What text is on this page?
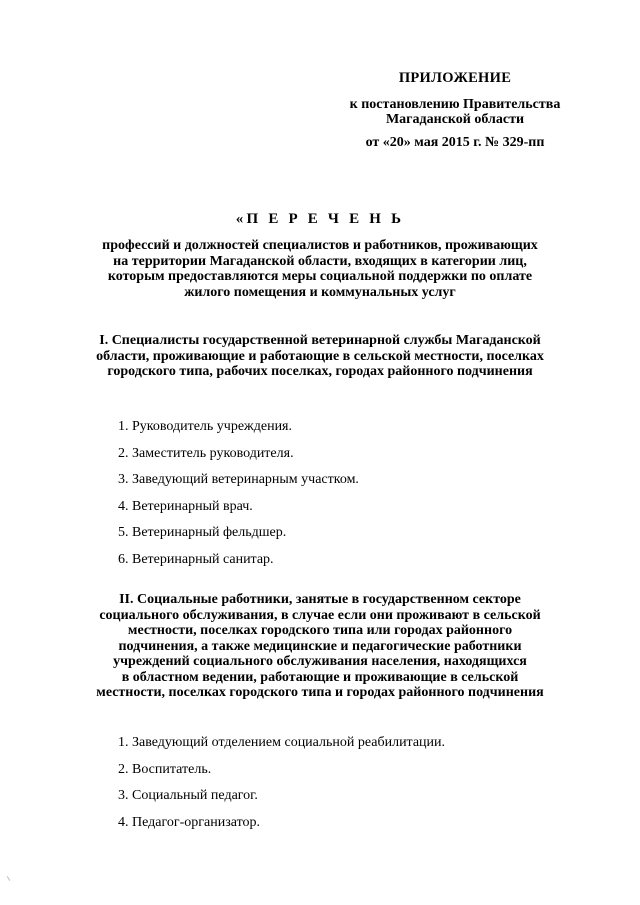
ПРИЛОЖЕНИЕ
к постановлению Правительства
Магаданской области
от «20» мая 2015 г. № 329-пп
«П Е Р Е Ч Е Н Ь
профессий и должностей специалистов и работников, проживающих
на территории Магаданской области, входящих в категории лиц,
которым предоставляются меры социальной поддержки по оплате
жилого помещения и коммунальных услуг
I. Специалисты государственной ветеринарной службы Магаданской
области, проживающие и работающие в сельской местности, поселках
городского типа, рабочих поселках, городах районного подчинения
1. Руководитель учреждения.
2. Заместитель руководителя.
3. Заведующий ветеринарным участком.
4. Ветеринарный врач.
5. Ветеринарный фельдшер.
6. Ветеринарный санитар.
II. Социальные работники, занятые в государственном секторе
социального обслуживания, в случае если они проживают в сельской
местности, поселках городского типа или городах районного
подчинения, а также медицинские и педагогические работники
учреждений социального обслуживания населения, находящихся
в областном ведении, работающие и проживающие в сельской
местности, поселках городского типа и городах районного подчинения
1. Заведующий отделением социальной реабилитации.
2. Воспитатель.
3. Социальный педагог.
4. Педагог-организатор.
